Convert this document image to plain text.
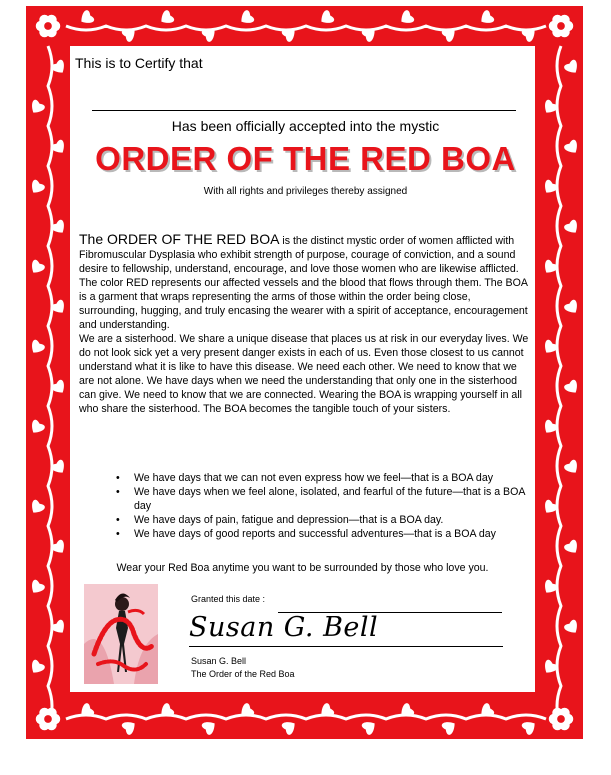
This is to Certify that
Has been officially accepted into the mystic
ORDER OF THE RED BOA
With all rights and privileges thereby assigned

The ORDER OF THE RED BOA is the distinct mystic order of women afflicted with Fibromuscular Dysplasia who exhibit strength of purpose, courage of conviction, and a sound desire to fellowship, understand, encourage, and love those women who are likewise afflicted.

The color RED represents our affected vessels and the blood that flows through them. The BOA is a garment that wraps representing the arms of those within the order being close, surrounding, hugging, and truly encasing the wearer with a spirit of acceptance, encouragement and understanding.

We are a sisterhood. We share a unique disease that places us at risk in our everyday lives. We do not look sick yet a very present danger exists in each of us. Even those closest to us cannot understand what it is like to have this disease. We need each other. We need to know that we are not alone. We have days when we need the understanding that only one in the sisterhood can give. We need to know that we are connected. Wearing the BOA is wrapping yourself in all who share the sisterhood. The BOA becomes the tangible touch of your sisters.

• We have days that we can not even express how we feel—that is a BOA day
• We have days when we feel alone, isolated, and fearful of the future—that is a BOA day
• We have days of pain, fatigue and depression—that is a BOA day.
• We have days of good reports and successful adventures—that is a BOA day
Wear your Red Boa anytime you want to be surrounded by those who love you.
Granted this date :
Susan G. Bell
Susan G. Bell
The Order of the Red Boa
